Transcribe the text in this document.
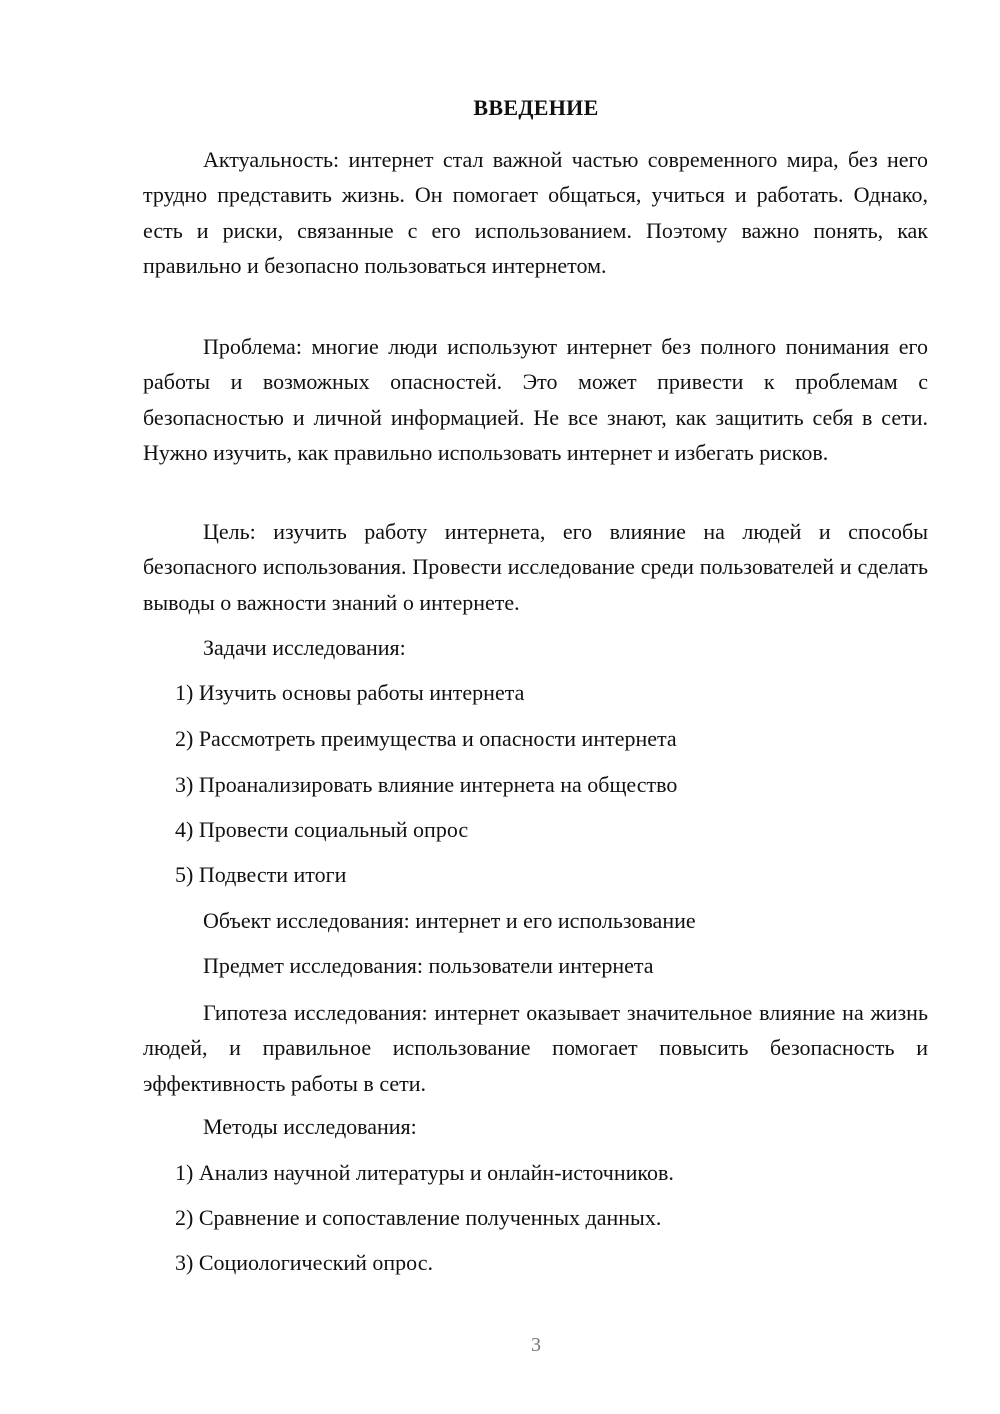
ВВЕДЕНИЕ

Актуальность: интернет стал важной частью современного мира, без него трудно представить жизнь. Он помогает общаться, учиться и работать. Однако, есть и риски, связанные с его использованием. Поэтому важно понять, как правильно и безопасно пользоваться интернетом.

Проблема: многие люди используют интернет без полного понимания его работы и возможных опасностей. Это может привести к проблемам с безопасностью и личной информацией. Не все знают, как защитить себя в сети. Нужно изучить, как правильно использовать интернет и избегать рисков.

Цель: изучить работу интернета, его влияние на людей и способы безопасного использования. Провести исследование среди пользователей и сделать выводы о важности знаний о интернете.

Задачи исследования:

1) Изучить основы работы интернета

2) Рассмотреть преимущества и опасности интернета

3) Проанализировать влияние интернета на общество

4) Провести социальный опрос

5) Подвести итоги

Объект исследования: интернет и его использование

Предмет исследования: пользователи интернета

Гипотеза исследования: интернет оказывает значительное влияние на жизнь людей, и правильное использование помогает повысить безопасность и эффективность работы в сети.

Методы исследования:

1) Анализ научной литературы и онлайн-источников.

2) Сравнение и сопоставление полученных данных.

3) Социологический опрос.

3
